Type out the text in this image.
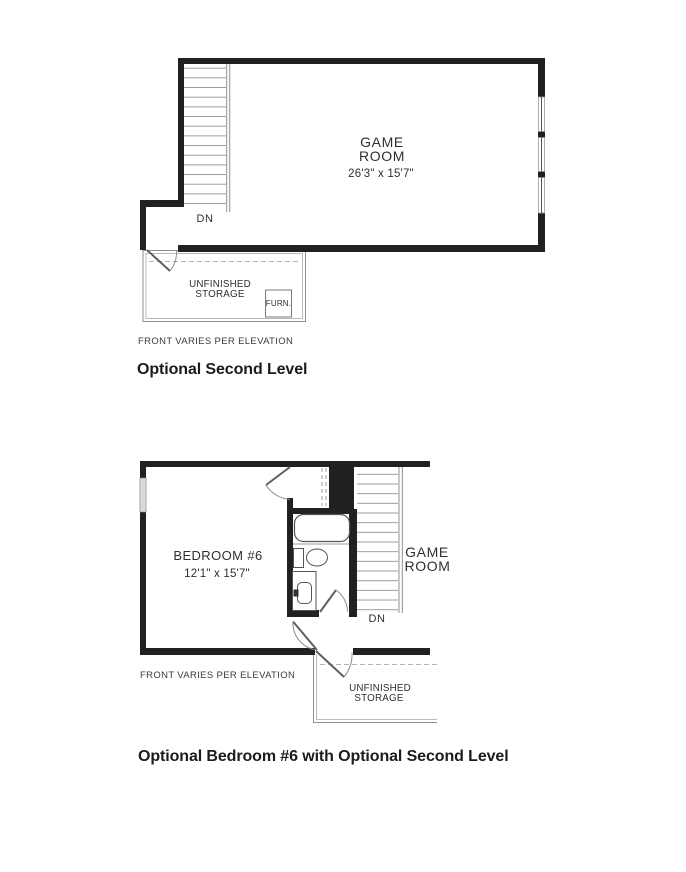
GAME
ROOM
26'3" x 15'7"
DN
UNFINISHED
STORAGE
FURN.
BEDROOM #6
12'1" x 15'7"
GAME
ROOM
DN
UNFINISHED
STORAGE
FRONT VARIES PER ELEVATION
Optional Second Level
FRONT VARIES PER ELEVATION
Optional Bedroom #6 with Optional Second Level
